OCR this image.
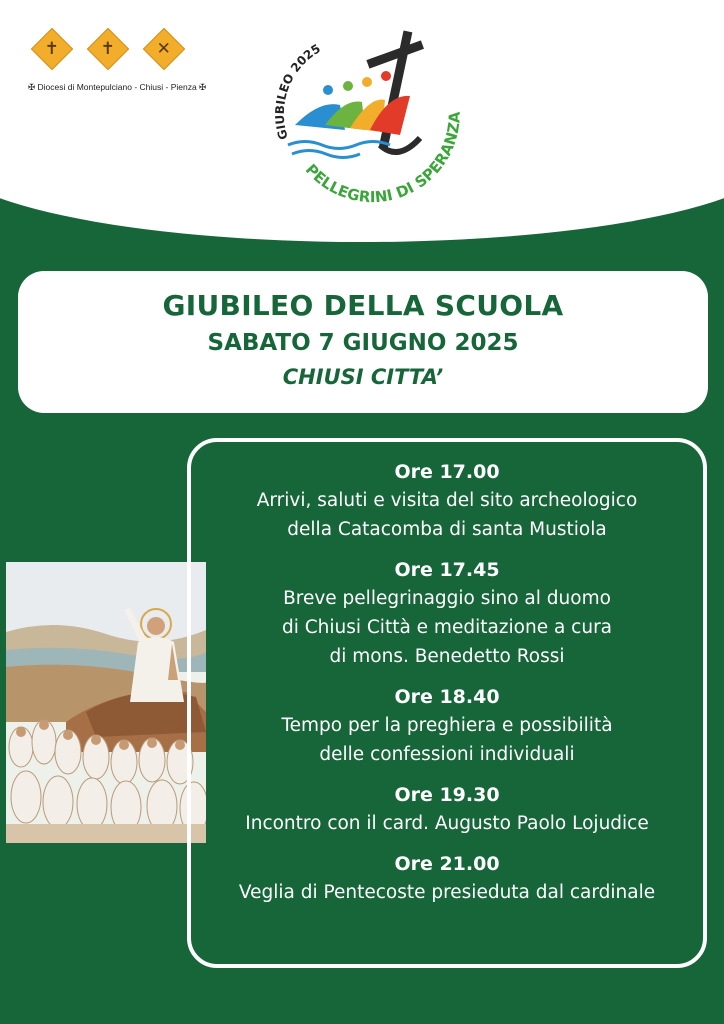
✝ ✝ ✕
✠ Diocesi di Montepulciano - Chiusi - Pienza ✠
GIUBILEO 2025
PELLEGRINI DI SPERAN
GIUBILEO DELLA SCUOLA
SABATO 7 GIUGNO 2025
CHIUSI CITTA’
Ore 17.00
Arrivi, saluti e visita del sito archeologico
della Catacomba di santa Mustiola
Ore 17.45
Breve pellegrinaggio sino al duomo
di Chiusi Città e meditazione a cura
di mons. Benedetto Rossi
Ore 18.40
Tempo per la preghiera e possibilità
delle confessioni individuali
Ore 19.30
Incontro con il card. Augusto Paolo Lojudice
Ore 21.00
Veglia di Pentecoste presieduta dal cardinale
